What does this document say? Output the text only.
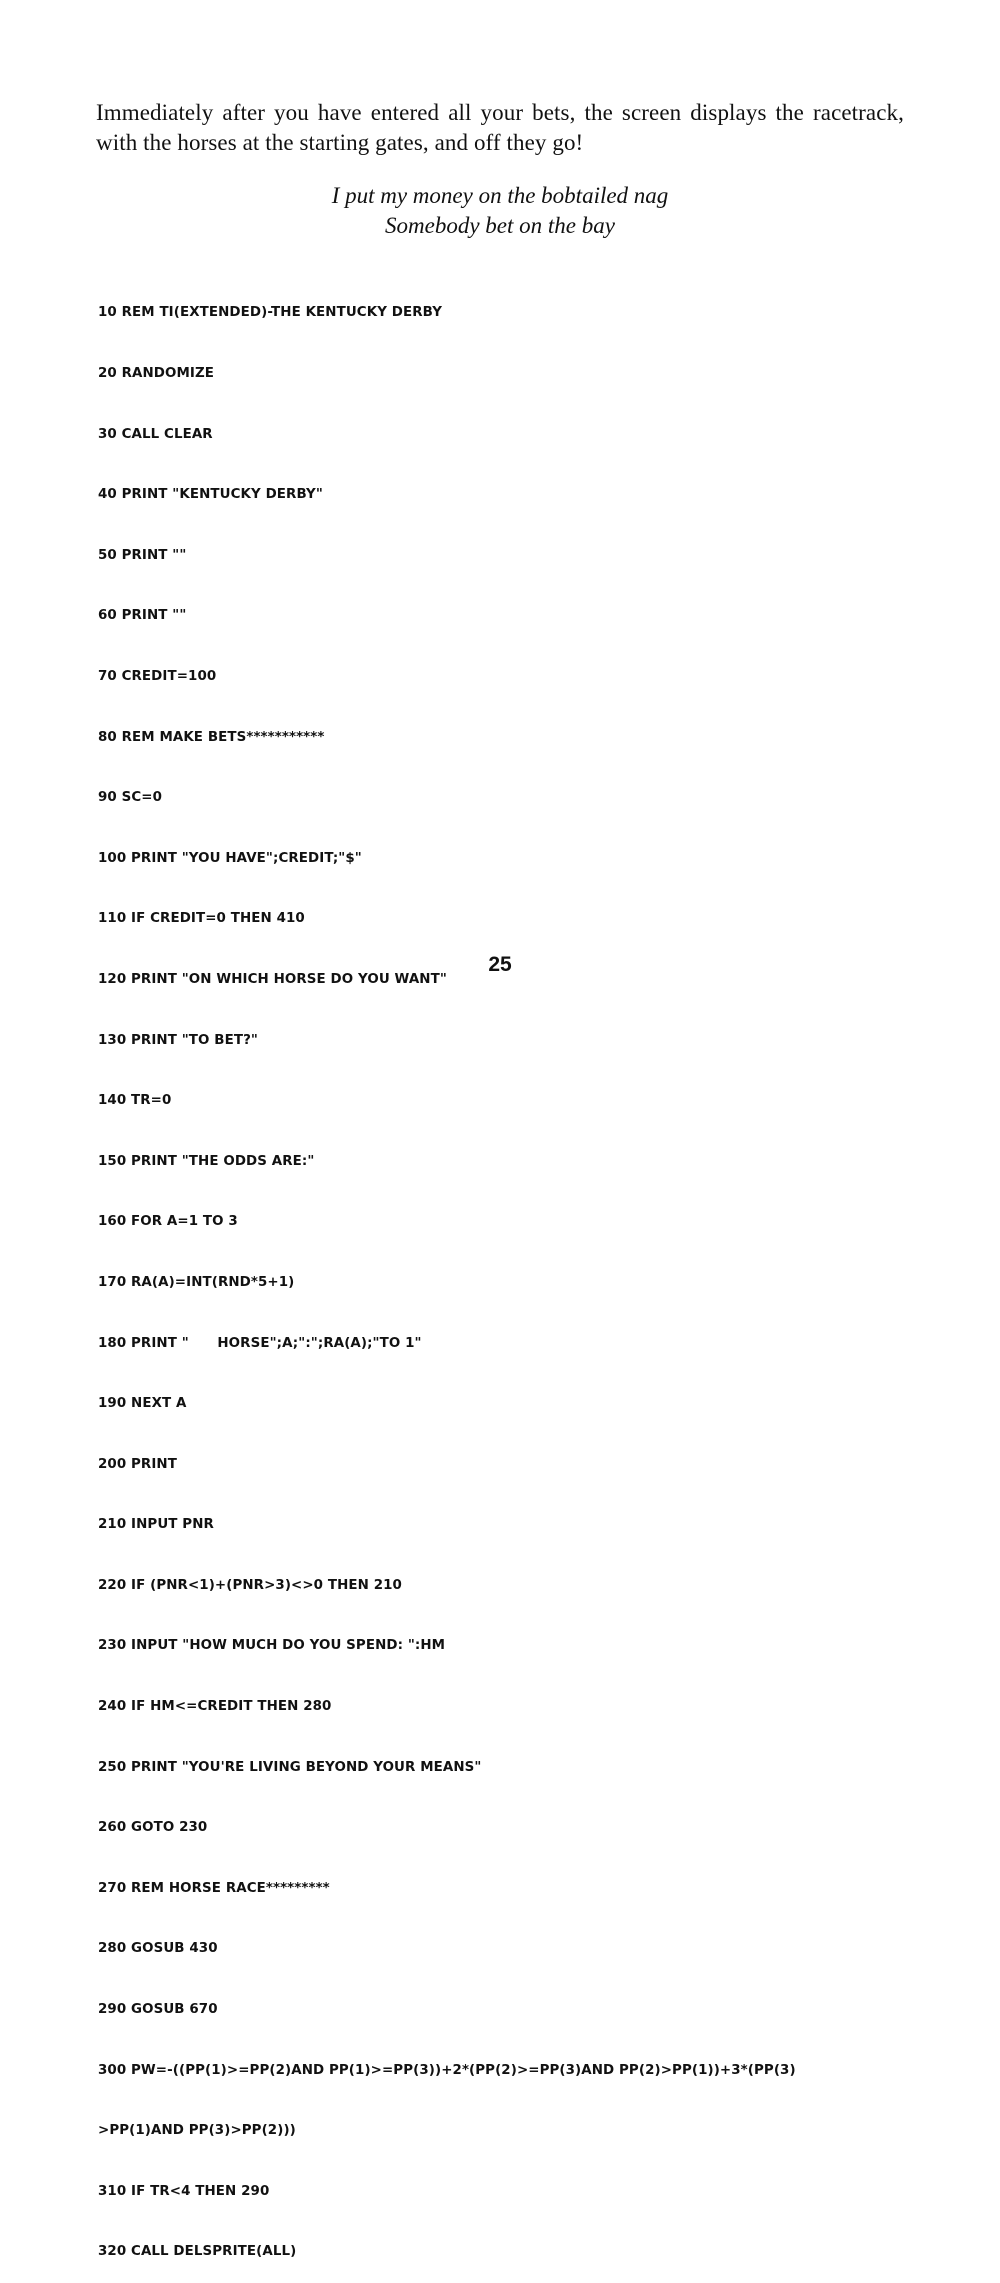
Immediately after you have entered all your bets, the screen displays the racetrack, with the horses at the starting gates, and off they go!

I put my money on the bobtailed nag
Somebody bet on the bay

10 REM TI(EXTENDED)-THE KENTUCKY DERBY

20 RANDOMIZE

30 CALL CLEAR

40 PRINT "KENTUCKY DERBY"

50 PRINT ""

60 PRINT ""

70 CREDIT=100

80 REM MAKE BETS***********

90 SC=0

100 PRINT "YOU HAVE";CREDIT;"$"

110 IF CREDIT=0 THEN 410

120 PRINT "ON WHICH HORSE DO YOU WANT"

130 PRINT "TO BET?"

140 TR=0

150 PRINT "THE ODDS ARE:"

160 FOR A=1 TO 3

170 RA(A)=INT(RND*5+1)

180 PRINT "      HORSE";A;":";RA(A);"TO 1"

190 NEXT A

200 PRINT

210 INPUT PNR

220 IF (PNR<1)+(PNR>3)<>0 THEN 210

230 INPUT "HOW MUCH DO YOU SPEND: ":HM

240 IF HM<=CREDIT THEN 280

250 PRINT "YOU'RE LIVING BEYOND YOUR MEANS"

260 GOTO 230

270 REM HORSE RACE*********

280 GOSUB 430

290 GOSUB 670

300 PW=-((PP(1)>=PP(2)AND PP(1)>=PP(3))+2*(PP(2)>=PP(3)AND PP(2)>PP(1))+3*(PP(3)

>PP(1)AND PP(3)>PP(2)))

310 IF TR<4 THEN 290

320 CALL DELSPRITE(ALL)

25
